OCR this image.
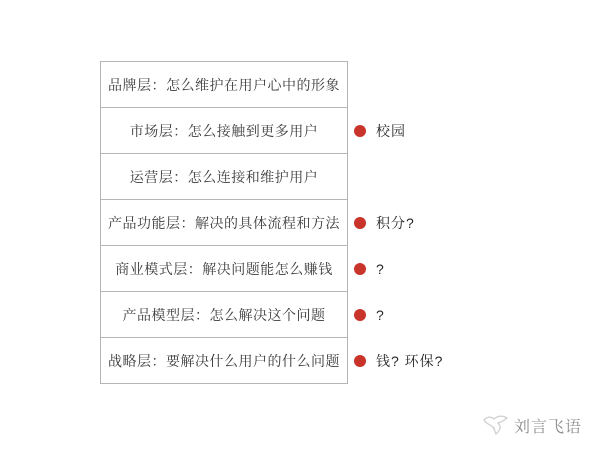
品牌层：怎么维护在用户心中的形象
市场层：怎么接触到更多用户	校园
运营层：怎么连接和维护用户
产品功能层：解决的具体流程和方法	积分?
商业模式层：解决问题能怎么赚钱	?
产品模型层：怎么解决这个问题	?
战略层：要解决什么用户的什么问题	钱? 环保?
刘言飞语
